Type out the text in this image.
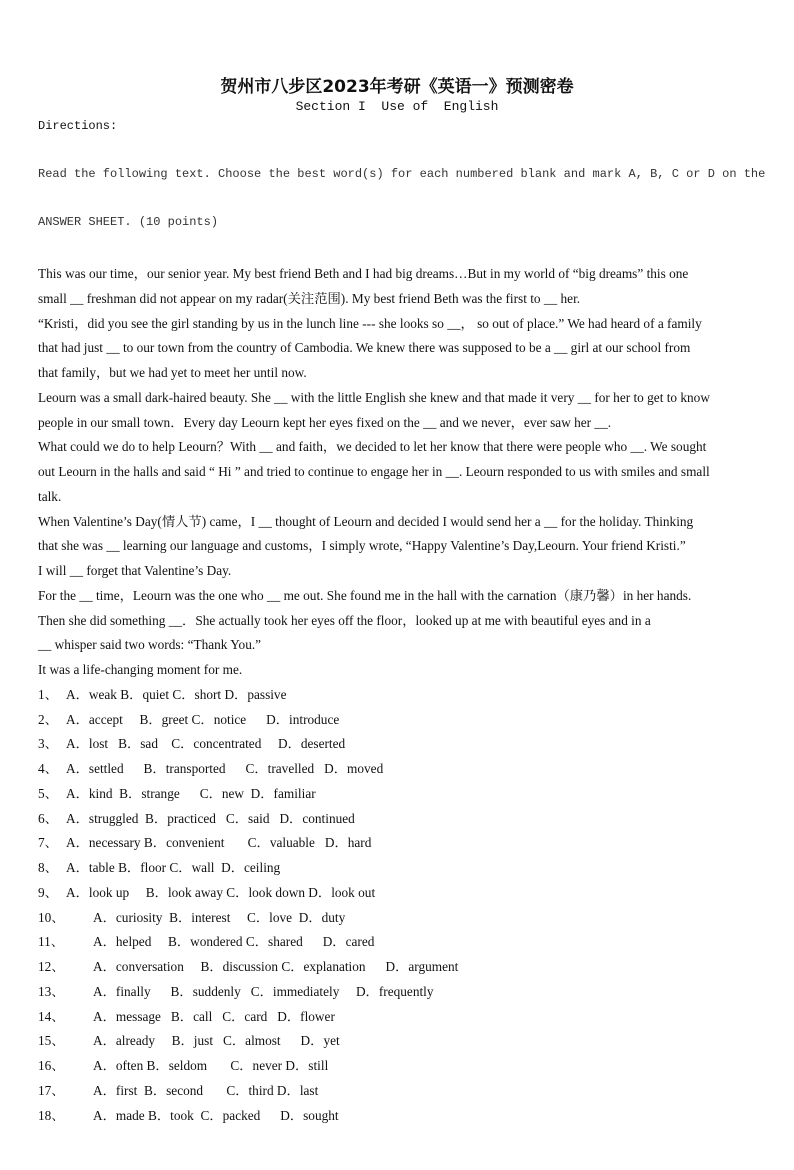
贺州市八步区2023年考研《英语一》预测密卷
Section I  Use of  English
Directions:

Read the following text. Choose the best word(s) for each numbered blank and mark A, B, C or D on the

ANSWER SHEET. (10 points)

This was our time，our senior year. My best friend Beth and I had big dreams…But in my world of “big dreams” this one
small __ freshman did not appear on my radar(关注范围). My best friend Beth was the first to __ her.
“Kristi，did you see the girl standing by us in the lunch line --- she looks so __， so out of place.” We had heard of a family
that had just __ to our town from the country of Cambodia. We knew there was supposed to be a __ girl at our school from
that family，but we had yet to meet her until now.
Leourn was a small dark-haired beauty. She __ with the little English she knew and that made it very __ for her to get to know
people in our small town．Every day Leourn kept her eyes fixed on the __ and we never，ever saw her __.
What could we do to help Leourn？With __ and faith，we decided to let her know that there were people who __. We sought
out Leourn in the halls and said “ Hi ” and tried to continue to engage her in __. Leourn responded to us with smiles and small
talk.
When Valentine’s Day(情人节) came，I __ thought of Leourn and decided I would send her a __ for the holiday. Thinking
that she was __ learning our language and customs，I simply wrote, “Happy Valentine’s Day,Leourn. Your friend Kristi.”
I will __ forget that Valentine’s Day.
For the __ time，Leourn was the one who __ me out. She found me in the hall with the carnation（康乃馨）in her hands.
Then she did something __．She actually took her eyes off the floor，looked up at me with beautiful eyes and in a
__ whisper said two words: “Thank You.”
It was a life-changing moment for me.
1、 A．weak B．quiet C．short D．passive
2、 A．accept     B．greet C．notice      D．introduce
3、 A．lost   B．sad    C．concentrated     D．deserted
4、 A．settled      B．transported      C．travelled   D．moved
5、 A．kind  B．strange      C．new  D．familiar
6、 A．struggled  B．practiced   C．said   D．continued
7、 A．necessary B．convenient       C．valuable   D．hard
8、 A．table B．floor C．wall  D．ceiling
9、 A．look up     B．look away C．look down D．look out
10、	A．curiosity  B．interest     C．love  D．duty
11、	A．helped     B．wondered C．shared      D．cared
12、	A．conversation     B．discussion C．explanation      D．argument
13、	A．finally      B．suddenly   C．immediately     D．frequently
14、	A．message   B．call   C．card   D．flower
15、	A．already     B．just   C．almost      D．yet
16、	A．often B．seldom       C．never D．still
17、	A．first  B．second       C．third D．last
18、	A．made B．took  C．packed      D．sought
